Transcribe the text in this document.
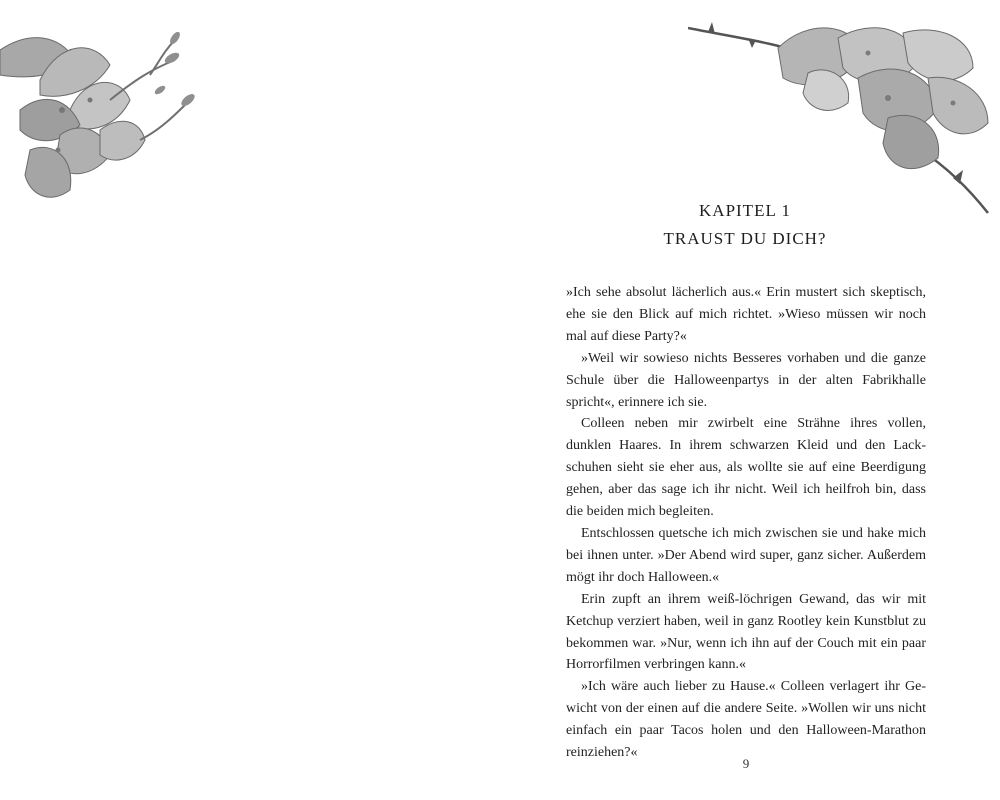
KAPITEL 1
TRAUST DU DICH?

»Ich sehe absolut lächerlich aus.« Erin mustert sich skeptisch, ehe sie den Blick auf mich richtet. »Wieso müssen wir noch mal auf diese Party?«

»Weil wir sowieso nichts Besseres vorhaben und die ganze Schule über die Halloweenpartys in der alten Fabrikhalle spricht«, erinnere ich sie.

Colleen neben mir zwirbelt eine Strähne ihres vollen, dunklen Haares. In ihrem schwarzen Kleid und den Lackschuhen sieht sie eher aus, als wollte sie auf eine Beerdigung gehen, aber das sage ich ihr nicht. Weil ich heilfroh bin, dass die beiden mich begleiten.

Entschlossen quetsche ich mich zwischen sie und hake mich bei ihnen unter. »Der Abend wird super, ganz sicher. Außerdem mögt ihr doch Halloween.«

Erin zupft an ihrem weiß-löchrigen Gewand, das wir mit Ketchup verziert haben, weil in ganz Rootley kein Kunstblut zu bekommen war. »Nur, wenn ich ihn auf der Couch mit ein paar Horrorfilmen verbringen kann.«

»Ich wäre auch lieber zu Hause.« Colleen verlagert ihr Gewicht von der einen auf die andere Seite. »Wollen wir uns nicht einfach ein paar Tacos holen und den Halloween-Marathon reinziehen?«

9
